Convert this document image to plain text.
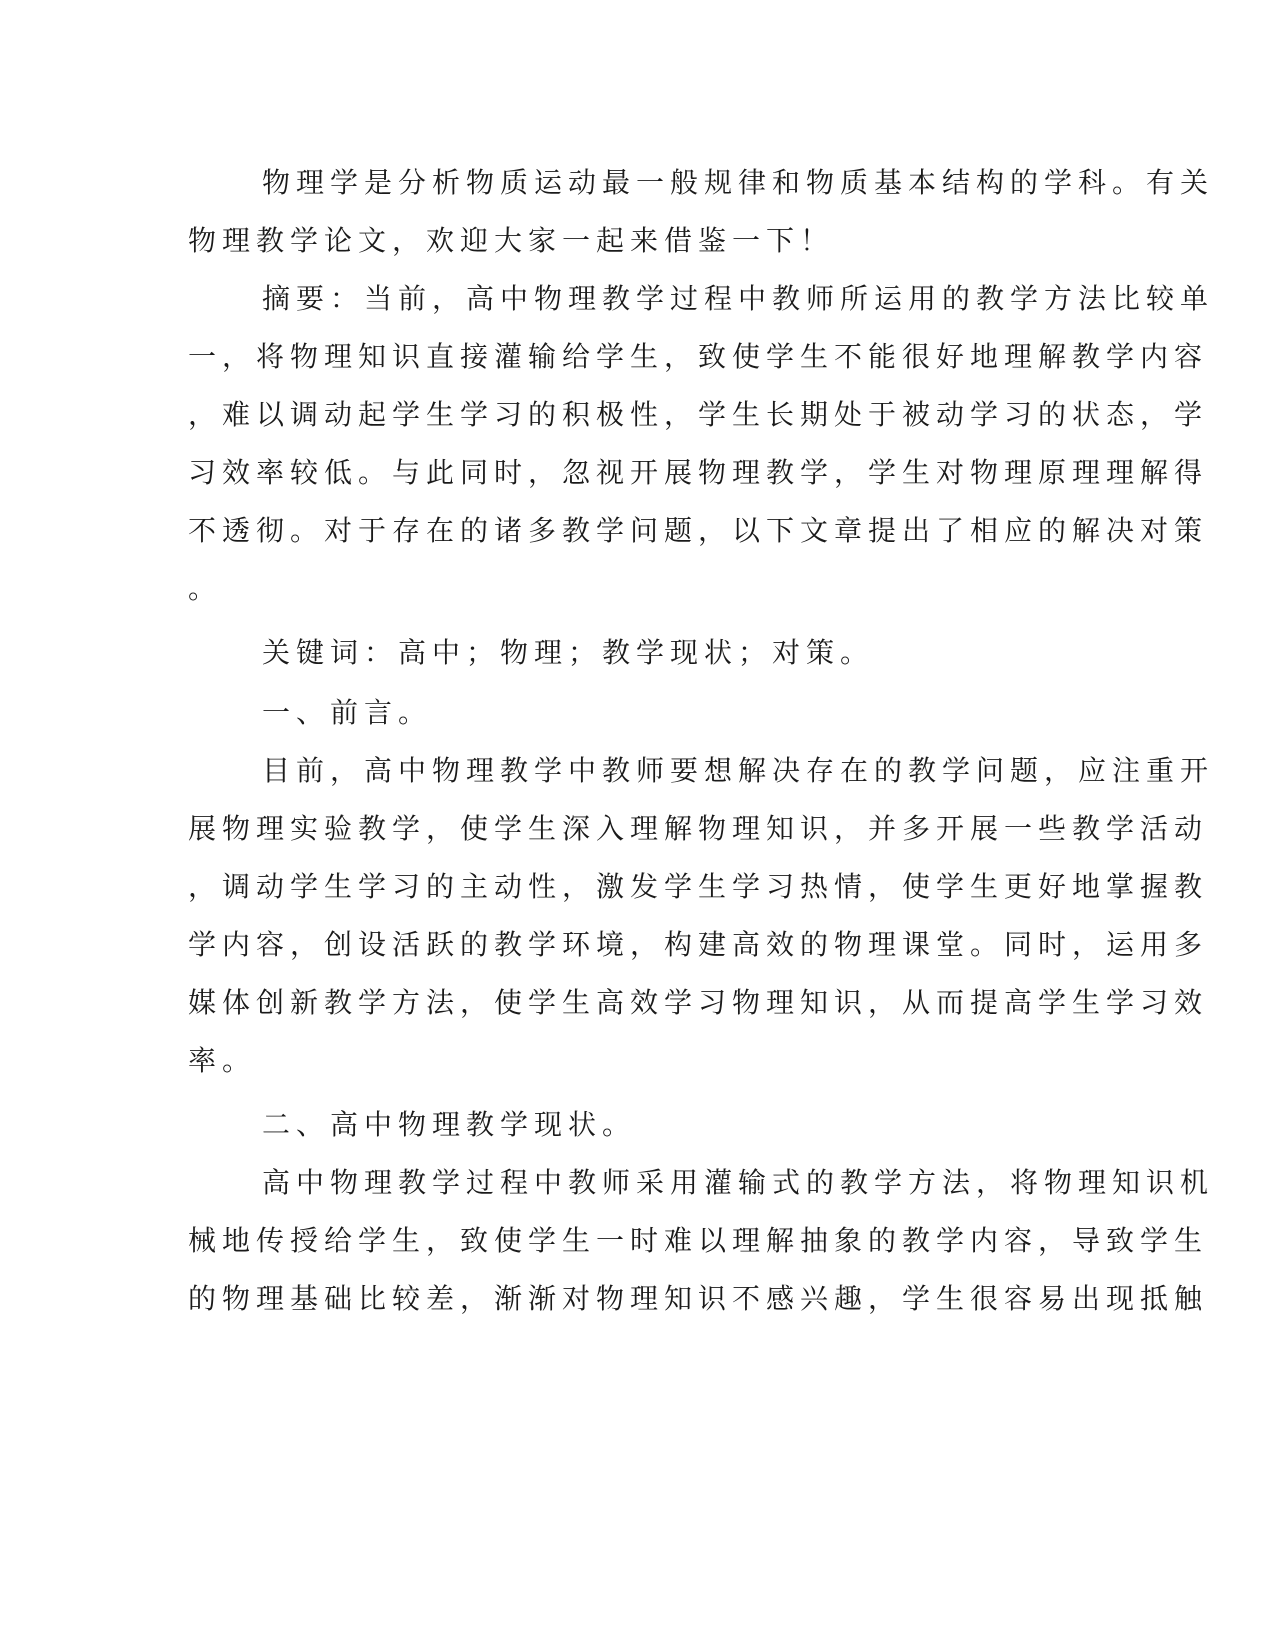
物理学是分析物质运动最一般规律和物质基本结构的学科。有关
物理教学论文，欢迎大家一起来借鉴一下！
摘要：当前，高中物理教学过程中教师所运用的教学方法比较单
一，将物理知识直接灌输给学生，致使学生不能很好地理解教学内容
，难以调动起学生学习的积极性，学生长期处于被动学习的状态，学
习效率较低。与此同时，忽视开展物理教学，学生对物理原理理解得
不透彻。对于存在的诸多教学问题，以下文章提出了相应的解决对策
。
关键词：高中；物理；教学现状；对策。
一、前言。
目前，高中物理教学中教师要想解决存在的教学问题，应注重开
展物理实验教学，使学生深入理解物理知识，并多开展一些教学活动
，调动学生学习的主动性，激发学生学习热情，使学生更好地掌握教
学内容，创设活跃的教学环境，构建高效的物理课堂。同时，运用多
媒体创新教学方法，使学生高效学习物理知识，从而提高学生学习效
率。
二、高中物理教学现状。
高中物理教学过程中教师采用灌输式的教学方法，将物理知识机
械地传授给学生，致使学生一时难以理解抽象的教学内容，导致学生
的物理基础比较差，渐渐对物理知识不感兴趣，学生很容易出现抵触
